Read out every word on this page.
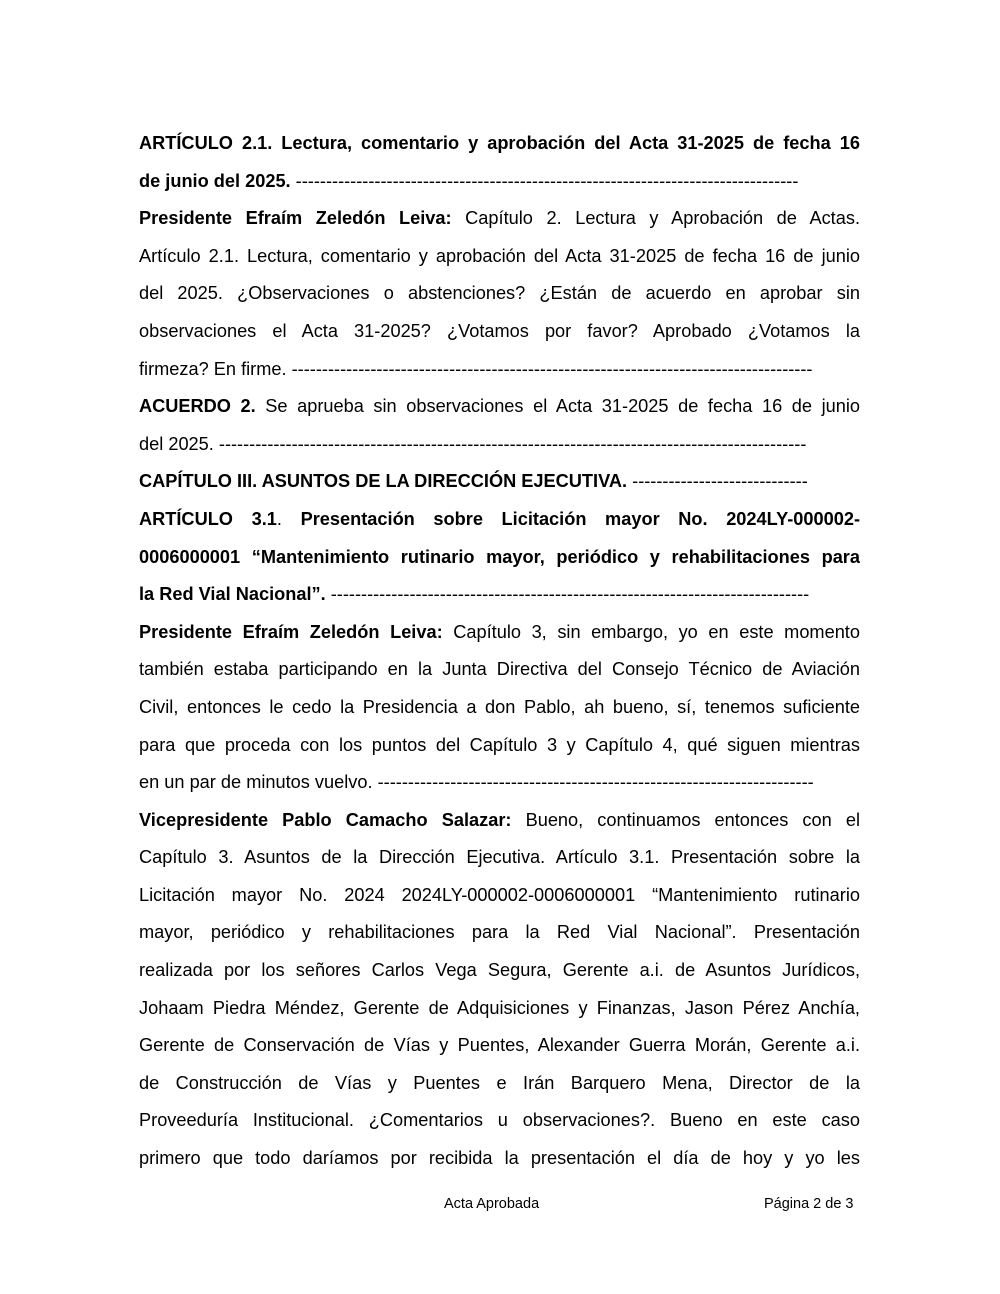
ARTÍCULO 2.1. Lectura, comentario y aprobación del Acta 31-2025 de fecha 16
de junio del 2025. -----------------------------------------------------------------------------------
Presidente Efraím Zeledón Leiva: Capítulo 2. Lectura y Aprobación de Actas.
Artículo 2.1. Lectura, comentario y aprobación del Acta 31-2025 de fecha 16 de junio
del 2025. ¿Observaciones o abstenciones? ¿Están de acuerdo en aprobar sin
observaciones el Acta 31-2025? ¿Votamos por favor? Aprobado ¿Votamos la
firmeza? En firme. --------------------------------------------------------------------------------------
ACUERDO 2. Se aprueba sin observaciones el Acta 31-2025 de fecha 16 de junio
del 2025. -------------------------------------------------------------------------------------------------
CAPÍTULO III. ASUNTOS DE LA DIRECCIÓN EJECUTIVA. -----------------------------
ARTÍCULO 3.1. Presentación sobre Licitación mayor No. 2024LY-000002-
0006000001 “Mantenimiento rutinario mayor, periódico y rehabilitaciones para
la Red Vial Nacional”. -------------------------------------------------------------------------------
Presidente Efraím Zeledón Leiva: Capítulo 3, sin embargo, yo en este momento
también estaba participando en la Junta Directiva del Consejo Técnico de Aviación
Civil, entonces le cedo la Presidencia a don Pablo, ah bueno, sí, tenemos suficiente
para que proceda con los puntos del Capítulo 3 y Capítulo 4, qué siguen mientras
en un par de minutos vuelvo. ------------------------------------------------------------------------
Vicepresidente Pablo Camacho Salazar: Bueno, continuamos entonces con el
Capítulo 3. Asuntos de la Dirección Ejecutiva. Artículo 3.1. Presentación sobre la
Licitación mayor No. 2024 2024LY-000002-0006000001 “Mantenimiento rutinario
mayor, periódico y rehabilitaciones para la Red Vial Nacional”. Presentación
realizada por los señores Carlos Vega Segura, Gerente a.i. de Asuntos Jurídicos,
Johaam Piedra Méndez, Gerente de Adquisiciones y Finanzas, Jason Pérez Anchía,
Gerente de Conservación de Vías y Puentes, Alexander Guerra Morán, Gerente a.i.
de Construcción de Vías y Puentes e Irán Barquero Mena, Director de la
Proveeduría Institucional. ¿Comentarios u observaciones?. Bueno en este caso
primero que todo daríamos por recibida la presentación el día de hoy y yo les
Acta Aprobada	Página 2 de 3
